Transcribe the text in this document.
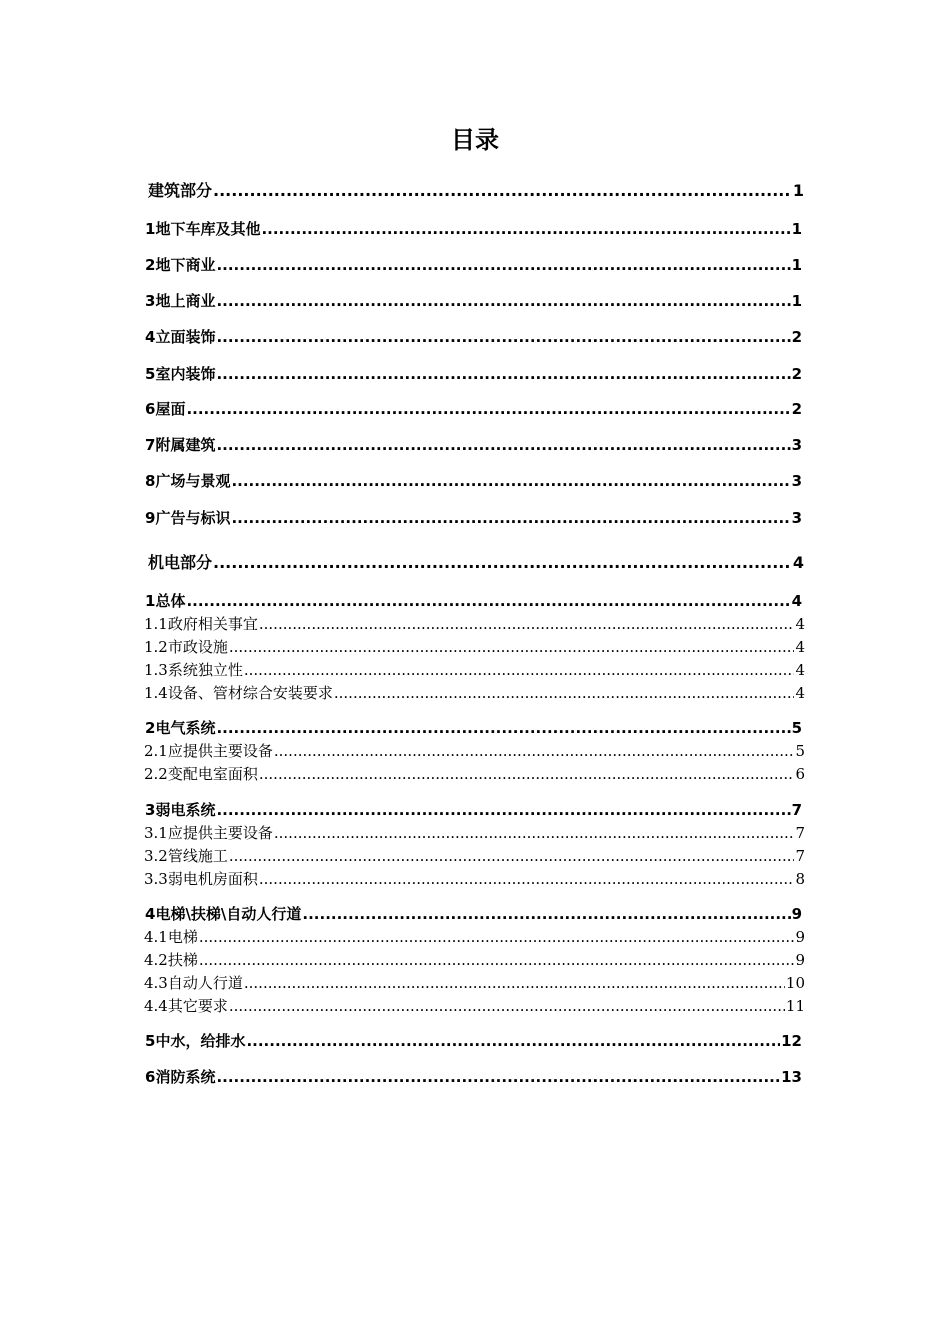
目录
建筑部分 .....	1
1 地下车库及其他 .....	1
2 地下商业 .....	1
3 地上商业 .....	1
4 立面装饰 .....	2
5 室内装饰 .....	2
6 屋面 .....	2
7 附属建筑 .....	3
8 广场与景观 .....	3
9 广告与标识 .....	3
机电部分 .....	4
1 总体 .....	4
1.1 政府相关事宜 .....	4
1.2 市政设施 .....	4
1.3 系统独立性 .....	4
1.4 设备、管材综合安装要求 .....	4
2 电气系统 .....	5
2.1 应提供主要设备 .....	5
2.2 变配电室面积 .....	6
3 弱电系统 .....	7
3.1 应提供主要设备 .....	7
3.2 管线施工 .....	7
3.3 弱电机房面积 .....	8
4 电梯\扶梯\自动人行道 .....	9
4.1 电梯 .....	9
4.2 扶梯 .....	9
4.3 自动人行道 .....	10
4.4 其它要求 .....	11
5 中水，给排水 .....	12
6 消防系统 .....	13
